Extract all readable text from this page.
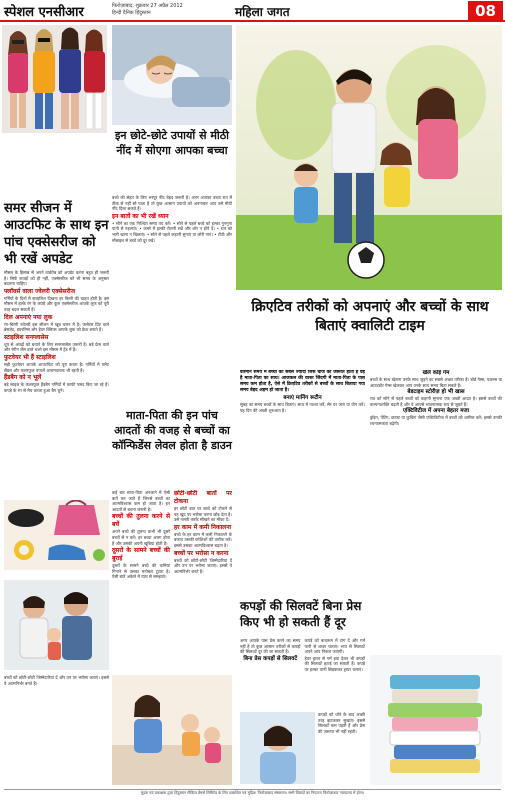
स्पेशल एनसीआर	फिरोज़ाबाद, शुक्रवार 27 अप्रैल 2012
हिन्दी दैनिक हिंदुस्तान	महिला जगत	08
समर सीजन में आउटफिट के साथ इन पांच एक्सेसरीज को भी रखें अपडेट

मौसम के हिसाब से अपने वार्डरोब को अपडेट करना बहुत ही जरूरी है। सिर्फ कपड़ों को ही नहीं, एक्सेसरीज को भी समय के अनुसार बदलना चाहिए।

फ्लॉवर्स वाला ज्वेलरी एक्सेसरीज

गर्मियों के दिनों में स्टाइलिश दिखना हर किसी की चाहत होती है। इस मौसम में हल्के रंग के कपड़े और कूल एक्सेसरीज आपके लुक को पूरी तरह बदल सकती हैं।

दिल अपनाएं नया लुक

रंग-बिरंगी ज्वेलरी इस सीजन में खूब चलन में है। फ्लोरल प्रिंट वाले ब्रेसलेट, इयररिंग्स और हेयर क्लिप्स आपके लुक को फ्रेश बनाते हैं।

स्टाइलिश सनग्लासेस

धूप से आंखों को बचाने के लिए सनग्लासेस जरूरी हैं। बड़े फ्रेम वाले और रंगीन लेंस वाले चश्मे इस मौसम में ट्रेंड में हैं।

फुटवेयर भी हैं स्टाइलिश

सही फुटवेयर आपके आउटफिट को पूरा करता है। गर्मियों में फ्लैट सैंडल और कलरफुल चप्पलें आरामदायक भी रहती हैं।

हैंडबैग को न भूलें

बड़े साइज के कलरफुल हैंडबैग गर्मियों में काफी पसंद किए जा रहे हैं। कपड़े के रंग से मैच करता हुआ बैग चुनें।

इन छोटे-छोटे उपायों से मीठी नींद में सोएगा आपका बच्चा

बच्चे की सेहत के लिए भरपूर नींद बेहद जरूरी है। अगर आपका बच्चा रात में ठीक से नहीं सो पाता है तो कुछ आसान उपायों को अपनाकर आप उसे मीठी नींद दिला सकते हैं।

इन बातों का भी रखें ध्यान

• सोने का एक निश्चित समय तय करें। • सोने से पहले बच्चे को हल्का गुनगुना पानी से नहलाएं। • कमरे में हल्की रोशनी रखें और शोर न होने दें। • रात को भारी खाना न खिलाएं। • सोने से पहले कहानी सुनाएं या लोरी गाएं। • टीवी और मोबाइल से बच्चे को दूर रखें।

माता-पिता की इन पांच आदतों की वजह से बच्चों का कॉन्फिडेंस लेवल होता है डाउन

कई बार माता-पिता अनजाने में ऐसी बातें कर जाते हैं जिनसे बच्चों का आत्मविश्वास कम हो जाता है। इन आदतों से बचना जरूरी है।

बच्चों की तुलना करने से बचें

अपने बच्चे की तुलना कभी भी दूसरे बच्चों से न करें। हर बच्चा अलग होता है और उसकी अपनी खूबियां होती हैं।

दूसरों के सामने बच्चों की बुराई

दूसरों के सामने बच्चे की कमियां गिनाने से उसका मनोबल टूटता है। ऐसी बातें अकेले में प्यार से समझाएं।

छोटी-छोटी बातों पर टोकना

हर छोटी बात पर बच्चे को टोकने से वह खुद पर भरोसा करना छोड़ देता है। उसे गलती करके सीखने का मौका दें।

हर काम में कमी निकालना

बच्चे के हर काम में कमी निकालने के बजाय उसकी कोशिशों की तारीफ करें। इससे उसका आत्मविश्वास बढ़ता है।

बच्चों पर भरोसा न करना

बच्चों को छोटी-छोटी जिम्मेदारियां दें और उन पर भरोसा जताएं। इससे वे आत्मनिर्भर बनते हैं।

बच्चों को छोटी-छोटी जिम्मेदारियां दें और उन पर भरोसा जताएं। इससे वे आत्मनिर्भर बनते हैं।

क्रिएटिव तरीकों को अपनाएं और बच्चों के साथ बिताएं क्वालिटी टाइम

वर्तमान समय में बच्चों को सबसे ज्यादा जिस चीज की जरूरत होती है वह है माता-पिता का साथ। आजकल की व्यस्त जिंदगी में माता-पिता के पास समय कम होता है, ऐसे में क्रिएटिव तरीकों से बच्चों के साथ बिताया गया समय बेहद अहम हो जाता है।

बनाएं मानिंग रूटीन

सुबह का समय बच्चों के साथ बिताएं। साथ में नाश्ता करें, सैर पर जाएं या योग करें। यह दिन की अच्छी शुरुआत है।

खेलें कोई गेम

बच्चों के साथ खेलना उनके साथ जुड़ने का सबसे अच्छा तरीका है। बोर्ड गेम्स, पजल्स या आउटडोर गेम्स खेलकर आप उनके साथ समय बिता सकते हैं।

बेडटाइम स्टोरीज़ हो भी खास

रात को सोने से पहले बच्चों को कहानी सुनाना एक अच्छी आदत है। इससे बच्चों की कल्पनाशक्ति बढ़ती है और वे आपसे भावनात्मक रूप से जुड़ते हैं।

एक्टिविटीज में अपना बेहतर मजा

ड्रॉइंग, पेंटिंग, क्राफ्ट या कुकिंग जैसी एक्टिविटीज में बच्चों को शामिल करें। इससे उनकी रचनात्मकता बढ़ेगी।

कपड़ों की सिलवटें बिना प्रेस किए भी हो सकती हैं दूर

अगर आपके पास प्रेस करने का समय नहीं है तो कुछ आसान तरीकों से कपड़ों की सिलवटें दूर की जा सकती हैं।

बिना प्रेस कपड़ों से सिलवटें

कपड़े को बाथरूम में टांग दें और गर्म पानी से शावर चलाएं। भाप से सिलवटें अपने आप निकल जाएंगी।

हेयर ड्रायर से गर्म हवा देकर भी कपड़ों की सिलवटें हटाई जा सकती हैं। कपड़े पर हल्का पानी छिड़ककर ड्रायर चलाएं।

कपड़ों को धोने के बाद अच्छी तरह झटककर सुखाएं। इससे सिलवटें कम पड़ती हैं और प्रेस की जरूरत भी नहीं रहती।

मुद्रक एवं प्रकाशक द्वारा हिंदुस्तान मीडिया वेंचर्स लिमिटेड के लिए प्रकाशित एवं मुद्रित। फिरोज़ाबाद संस्करण। सभी विवादों का निपटारा फिरोज़ाबाद न्यायालय में होगा।
